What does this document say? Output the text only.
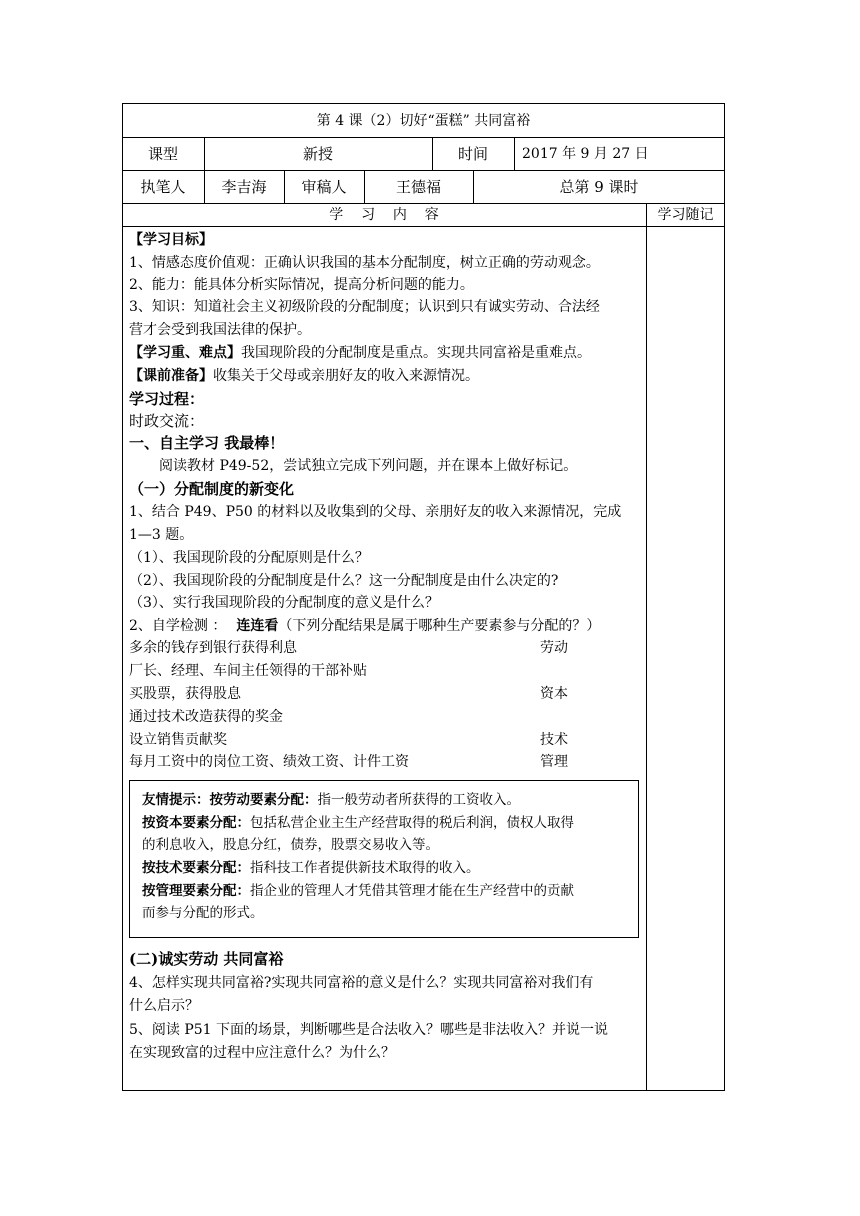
第 4 课（2）切好“蛋糕” 共同富裕
课型	新授	时间	2017 年 9 月 27 日
执笔人	李吉海	审稿人	王德福	总第 9 课时
学    习    内    容	学习随记
【学习目标】
1、情感态度价值观：正确认识我国的基本分配制度，树立正确的劳动观念。
2、能力：能具体分析实际情况，提高分析问题的能力。
3、知识：知道社会主义初级阶段的分配制度；认识到只有诚实劳动、合法经
营才会受到我国法律的保护。
【学习重、难点】我国现阶段的分配制度是重点。实现共同富裕是重难点。
【课前准备】收集关于父母或亲朋好友的收入来源情况。
学习过程：
时政交流：
一、自主学习 我最棒！
阅读教材 P49-52，尝试独立完成下列问题，并在课本上做好标记。
（一）分配制度的新变化
1、结合 P49、P50 的材料以及收集到的父母、亲朋好友的收入来源情况，完成
1—3 题。
（1）、我国现阶段的分配原则是什么？
（2）、我国现阶段的分配制度是什么？这一分配制度是由什么决定的?
（3）、实行我国现阶段的分配制度的意义是什么？
2、自学检测 ： 连连看（下列分配结果是属于哪种生产要素参与分配的？）
多余的钱存到银行获得利息
厂长、经理、车间主任领得的干部补贴
买股票，获得股息
通过技术改造获得的奖金
设立销售贡献奖
每月工资中的岗位工资、绩效工资、计件工资
劳动
资本
技术
管理
友情提示：按劳动要素分配：指一般劳动者所获得的工资收入。
按资本要素分配：包括私营企业主生产经营取得的税后利润，债权人取得
的利息收入，股息分红，债券，股票交易收入等。
按技术要素分配：指科技工作者提供新技术取得的收入。
按管理要素分配：指企业的管理人才凭借其管理才能在生产经营中的贡献
而参与分配的形式。
(二)诚实劳动 共同富裕
4、怎样实现共同富裕?实现共同富裕的意义是什么？实现共同富裕对我们有
什么启示？
5、阅读 P51 下面的场景，判断哪些是合法收入？哪些是非法收入？并说一说
在实现致富的过程中应注意什么？为什么？
